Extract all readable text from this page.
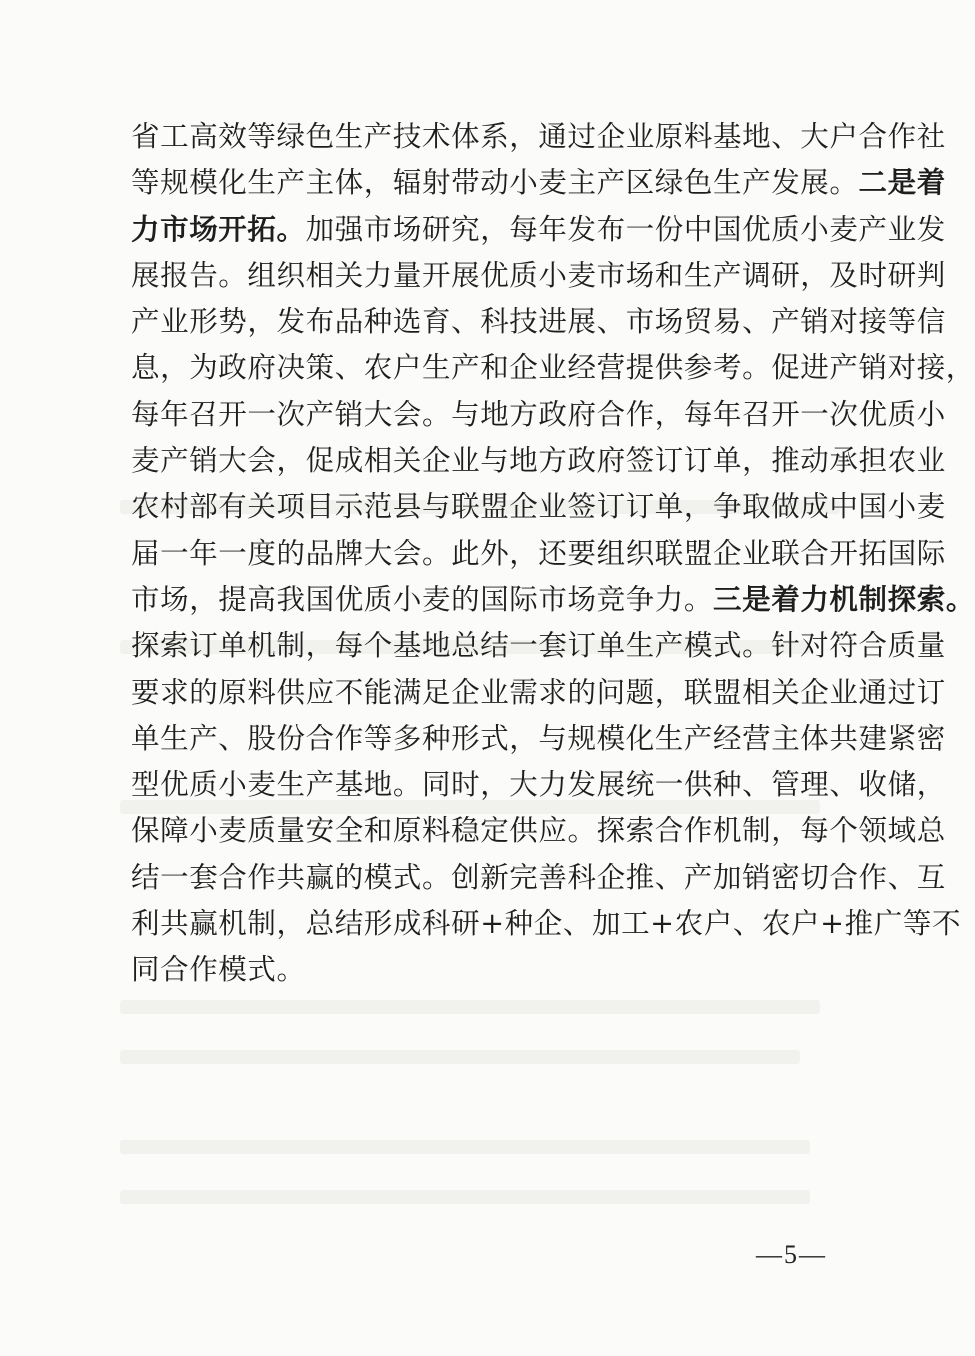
省工高效等绿色生产技术体系，通过企业原料基地、大户合作社
等规模化生产主体，辐射带动小麦主产区绿色生产发展。二是着
力市场开拓。加强市场研究，每年发布一份中国优质小麦产业发
展报告。组织相关力量开展优质小麦市场和生产调研，及时研判
产业形势，发布品种选育、科技进展、市场贸易、产销对接等信
息，为政府决策、农户生产和企业经营提供参考。促进产销对接，
每年召开一次产销大会。与地方政府合作，每年召开一次优质小
麦产销大会，促成相关企业与地方政府签订订单，推动承担农业
农村部有关项目示范县与联盟企业签订订单，争取做成中国小麦
届一年一度的品牌大会。此外，还要组织联盟企业联合开拓国际
市场，提高我国优质小麦的国际市场竞争力。三是着力机制探索。
探索订单机制，每个基地总结一套订单生产模式。针对符合质量
要求的原料供应不能满足企业需求的问题，联盟相关企业通过订
单生产、股份合作等多种形式，与规模化生产经营主体共建紧密
型优质小麦生产基地。同时，大力发展统一供种、管理、收储，
保障小麦质量安全和原料稳定供应。探索合作机制，每个领域总
结一套合作共赢的模式。创新完善科企推、产加销密切合作、互
利共赢机制，总结形成科研+种企、加工+农户、农户+推广等不
同合作模式。
—5—
